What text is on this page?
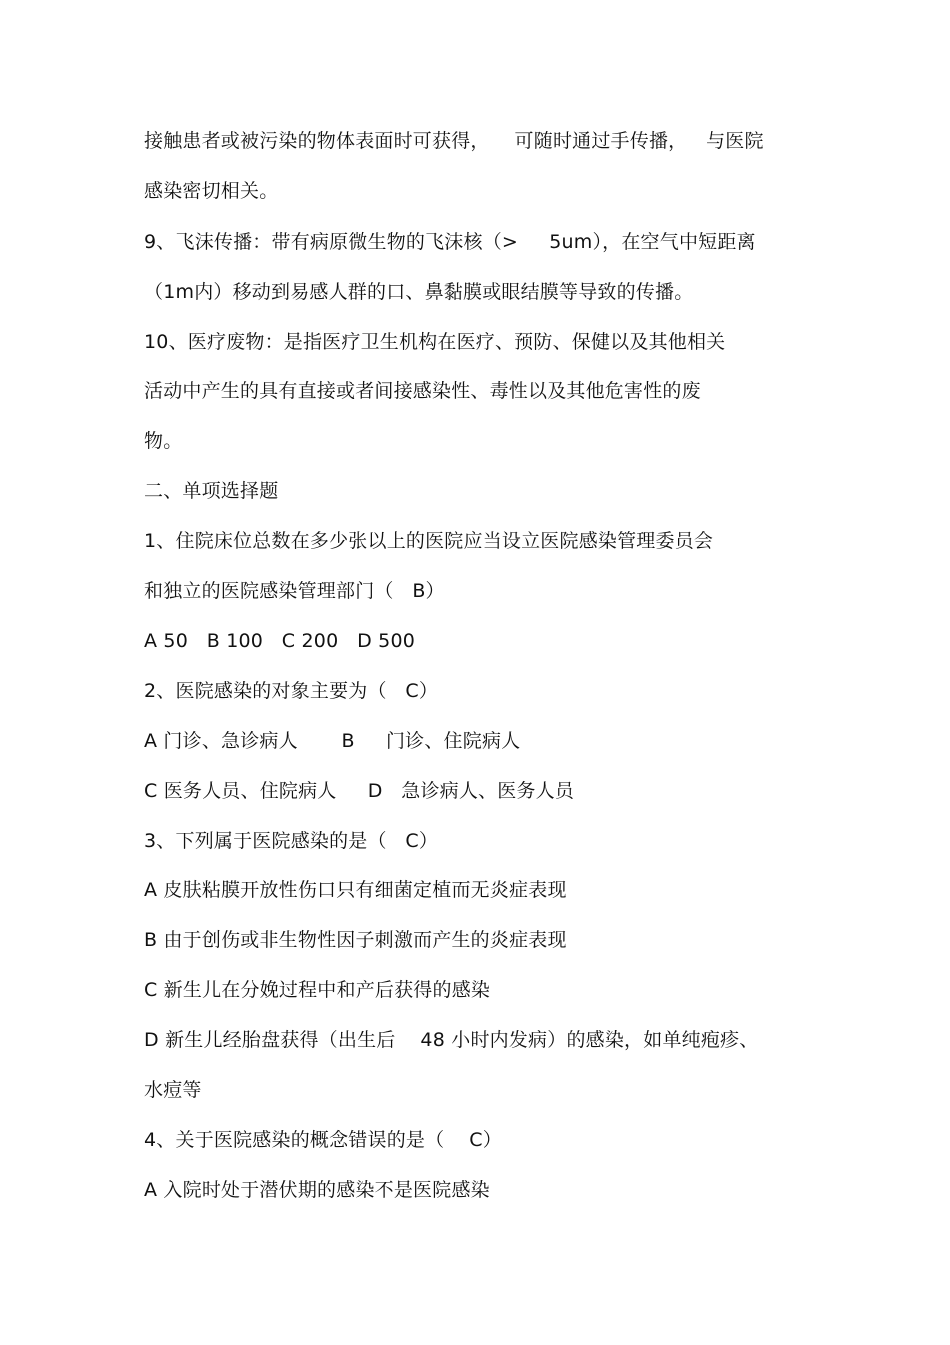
接触患者或被污染的物体表面时可获得，    可随时通过手传播，   与医院
感染密切相关。
9、飞沫传播：带有病原微生物的飞沫核（>     5um），在空气中短距离
（1m内）移动到易感人群的口、鼻黏膜或眼结膜等导致的传播。
10、医疗废物：是指医疗卫生机构在医疗、预防、保健以及其他相关
活动中产生的具有直接或者间接感染性、毒性以及其他危害性的废
物。
二、单项选择题
1、住院床位总数在多少张以上的医院应当设立医院感染管理委员会
和独立的医院感染管理部门（   B）
A 50   B 100   C 200   D 500
2、医院感染的对象主要为（   C）
A 门诊、急诊病人       B     门诊、住院病人
C 医务人员、住院病人     D   急诊病人、医务人员
3、下列属于医院感染的是（   C）
A 皮肤粘膜开放性伤口只有细菌定植而无炎症表现
B 由于创伤或非生物性因子刺激而产生的炎症表现
C 新生儿在分娩过程中和产后获得的感染
D 新生儿经胎盘获得（出生后    48 小时内发病）的感染，如单纯疱疹、
水痘等
4、关于医院感染的概念错误的是（    C）
A 入院时处于潜伏期的感染不是医院感染
